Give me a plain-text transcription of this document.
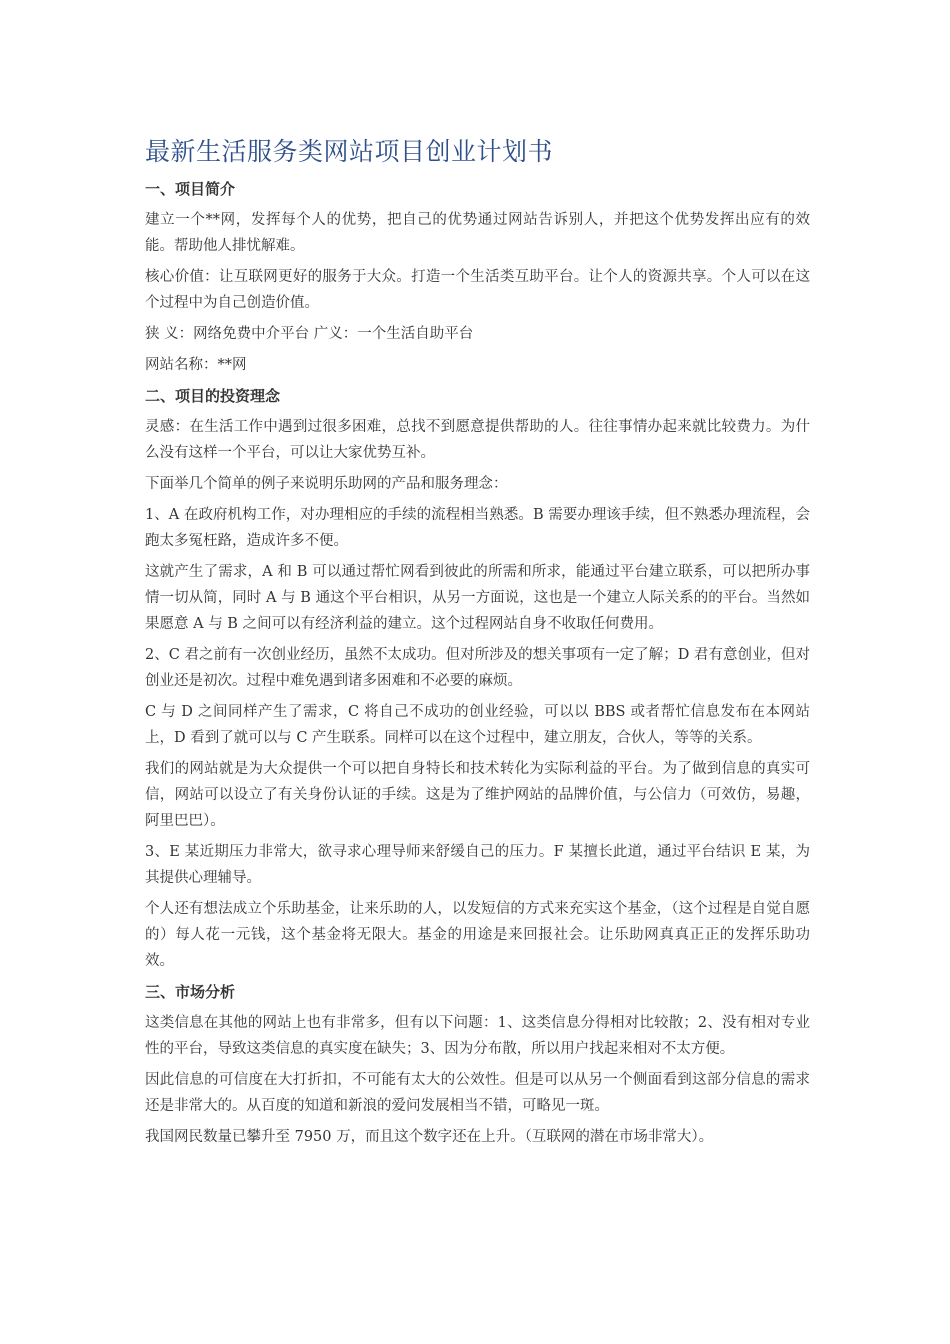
最新生活服务类网站项目创业计划书
一、项目简介

建立一个**网，发挥每个人的优势，把自己的优势通过网站告诉别人，并把这个优势发挥出应有的效能。帮助他人排忧解难。

核心价值：让互联网更好的服务于大众。打造一个生活类互助平台。让个人的资源共享。个人可以在这个过程中为自己创造价值。

狭 义：网络免费中介平台 广义：一个生活自助平台

网站名称：**网

二、项目的投资理念

灵感：在生活工作中遇到过很多困难，总找不到愿意提供帮助的人。往往事情办起来就比较费力。为什么没有这样一个平台，可以让大家优势互补。

下面举几个简单的例子来说明乐助网的产品和服务理念：

1、A 在政府机构工作，对办理相应的手续的流程相当熟悉。B 需要办理该手续，但不熟悉办理流程，会跑太多冤枉路，造成许多不便。

这就产生了需求，A 和 B 可以通过帮忙网看到彼此的所需和所求，能通过平台建立联系，可以把所办事情一切从简，同时 A 与 B 通这个平台相识，从另一方面说，这也是一个建立人际关系的的平台。当然如果愿意 A 与 B 之间可以有经济利益的建立。这个过程网站自身不收取任何费用。

2、C 君之前有一次创业经历，虽然不太成功。但对所涉及的想关事项有一定了解；D 君有意创业，但对创业还是初次。过程中难免遇到诸多困难和不必要的麻烦。

C 与 D 之间同样产生了需求，C 将自己不成功的创业经验，可以以 BBS 或者帮忙信息发布在本网站上，D 看到了就可以与 C 产生联系。同样可以在这个过程中，建立朋友，合伙人，等等的关系。

我们的网站就是为大众提供一个可以把自身特长和技术转化为实际利益的平台。为了做到信息的真实可信，网站可以设立了有关身份认证的手续。这是为了维护网站的品牌价值，与公信力（可效仿，易趣，阿里巴巴）。

3、E 某近期压力非常大，欲寻求心理导师来舒缓自己的压力。F 某擅长此道，通过平台结识 E 某，为其提供心理辅导。

个人还有想法成立个乐助基金，让来乐助的人，以发短信的方式来充实这个基金，（这个过程是自觉自愿的）每人花一元钱，这个基金将无限大。基金的用途是来回报社会。让乐助网真真正正的发挥乐助功效。

三、市场分析

这类信息在其他的网站上也有非常多，但有以下问题：1、这类信息分得相对比较散；2、没有相对专业性的平台，导致这类信息的真实度在缺失；3、因为分布散，所以用户找起来相对不太方便。

因此信息的可信度在大打折扣，不可能有太大的公效性。但是可以从另一个侧面看到这部分信息的需求还是非常大的。从百度的知道和新浪的爱问发展相当不错，可略见一斑。

我国网民数量已攀升至 7950 万，而且这个数字还在上升。（互联网的潜在市场非常大）。
